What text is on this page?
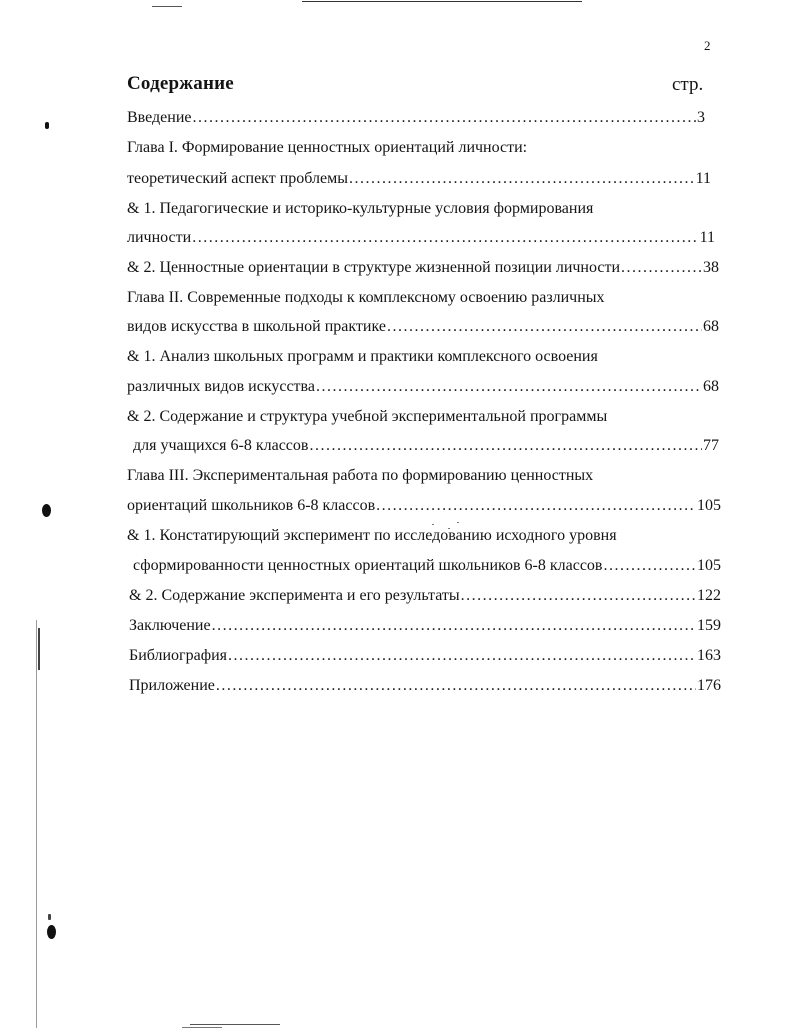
2
Содержание	стр.
Введение .....	3
Глава I. Формирование ценностных ориентаций личности:
теоретический аспект проблемы .....	11
& 1. Педагогические и историко-культурные условия формирования
личности .....	11
& 2. Ценностные ориентации в структуре жизненной позиции личности .....	38
Глава II. Современные подходы к комплексному освоению различных
видов искусства в школьной практике .....	68
& 1. Анализ школьных программ и практики комплексного освоения
различных видов искусства .....	68
& 2. Содержание и структура учебной экспериментальной программы
для учащихся 6-8 классов .....	77
Глава III. Экспериментальная работа по формированию ценностных
ориентаций школьников 6-8 классов .....	105
& 1. Констатирующий эксперимент по исследованию исходного уровня
сформированности ценностных ориентаций школьников 6-8 классов .....	105
& 2. Содержание эксперимента и его результаты .....	122
Заключение .....	159
Библиография .....	163
Приложение .....	176
